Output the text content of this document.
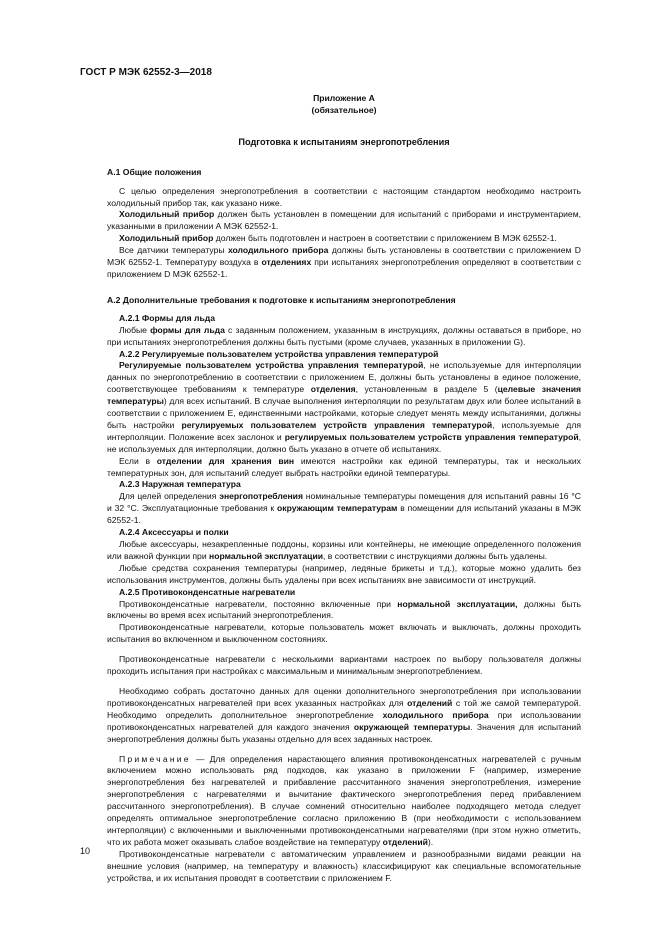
ГОСТ Р МЭК 62552-3—2018
Приложение А
(обязательное)
Подготовка к испытаниям энергопотребления
А.1 Общие положения

С целью определения энергопотребления в соответствии с настоящим стандартом необходимо настроить холодильный прибор так, как указано ниже.

Холодильный прибор должен быть установлен в помещении для испытаний с приборами и инструментарием, указанными в приложении А МЭК 62552-1.

Холодильный прибор должен быть подготовлен и настроен в соответствии с приложением В МЭК 62552-1.

Все датчики температуры холодильного прибора должны быть установлены в соответствии с приложением D МЭК 62552-1. Температуру воздуха в отделениях при испытаниях энергопотребления определяют в соответствии с приложением D МЭК 62552-1.

А.2 Дополнительные требования к подготовке к испытаниям энергопотребления
А.2.1 Формы для льда

Любые формы для льда с заданным положением, указанным в инструкциях, должны оставаться в приборе, но при испытаниях энергопотребления должны быть пустыми (кроме случаев, указанных в приложении G).

А.2.2 Регулируемые пользователем устройства управления температурой

Регулируемые пользователем устройства управления температурой, не используемые для интерполяции данных по энергопотреблению в соответствии с приложением Е, должны быть установлены в единое положение, соответствующее требованиям к температуре отделения, установленным в разделе 5 (целевые значения температуры) для всех испытаний. В случае выполнения интерполяции по результатам двух или более испытаний в соответствии с приложением Е, единственными настройками, которые следует менять между испытаниями, должны быть настройки регулируемых пользователем устройств управления температурой, используемые для интерполяции. Положение всех заслонок и регулируемых пользователем устройств управления температурой, не используемых для интерполяции, должно быть указано в отчете об испытаниях.

Если в отделении для хранения вин имеются настройки как единой температуры, так и нескольких температурных зон, для испытаний следует выбрать настройки единой температуры.

А.2.3 Наружная температура

Для целей определения энергопотребления номинальные температуры помещения для испытаний равны 16 °С и 32 °С. Эксплуатационные требования к окружающим температурам в помещении для испытаний указаны в МЭК 62552-1.

А.2.4 Аксессуары и полки

Любые аксессуары, незакрепленные поддоны, корзины или контейнеры, не имеющие определенного положения или важной функции при нормальной эксплуатации, в соответствии с инструкциями должны быть удалены.

Любые средства сохранения температуры (например, ледяные брикеты и т.д.), которые можно удалить без использования инструментов, должны быть удалены при всех испытаниях вне зависимости от инструкций.

А.2.5 Противоконденсатные нагреватели

Противоконденсатные нагреватели, постоянно включенные при нормальной эксплуатации, должны быть включены во время всех испытаний энергопотребления.

Противоконденсатные нагреватели, которые пользователь может включать и выключать, должны проходить испытания во включенном и выключенном состояниях.

Противоконденсатные нагреватели с несколькими вариантами настроек по выбору пользователя должны проходить испытания при настройках с максимальным и минимальным энергопотреблением.

Необходимо собрать достаточно данных для оценки дополнительного энергопотребления при использовании противоконденсатных нагревателей при всех указанных настройках для отделений с той же самой температурой. Необходимо определить дополнительное энергопотребление холодильного прибора при использовании противоконденсатных нагревателей для каждого значения окружающей температуры. Значения для испытаний энергопотребления должны быть указаны отдельно для всех заданных настроек.

Примечание — Для определения нарастающего влияния противоконденсатных нагревателей с ручным включением можно использовать ряд подходов, как указано в приложении F (например, измерение энергопотребления без нагревателей и прибавление рассчитанного значения энергопотребления, измерение энергопотребления с нагревателями и вычитание фактического энергопотребления перед прибавлением рассчитанного энергопотребления). В случае сомнений относительно наиболее подходящего метода следует определять оптимальное энергопотребление согласно приложению В (при необходимости с использованием интерполяции) с включенными и выключенными противоконденсатными нагревателями (при этом нужно отметить, что их работа может оказывать слабое воздействие на температуру отделений).

Противоконденсатные нагреватели с автоматическим управлением и разнообразными видами реакции на внешние условия (например, на температуру и влажность) классифицируют как специальные вспомогательные устройства, и их испытания проводят в соответствии с приложением F.

10
